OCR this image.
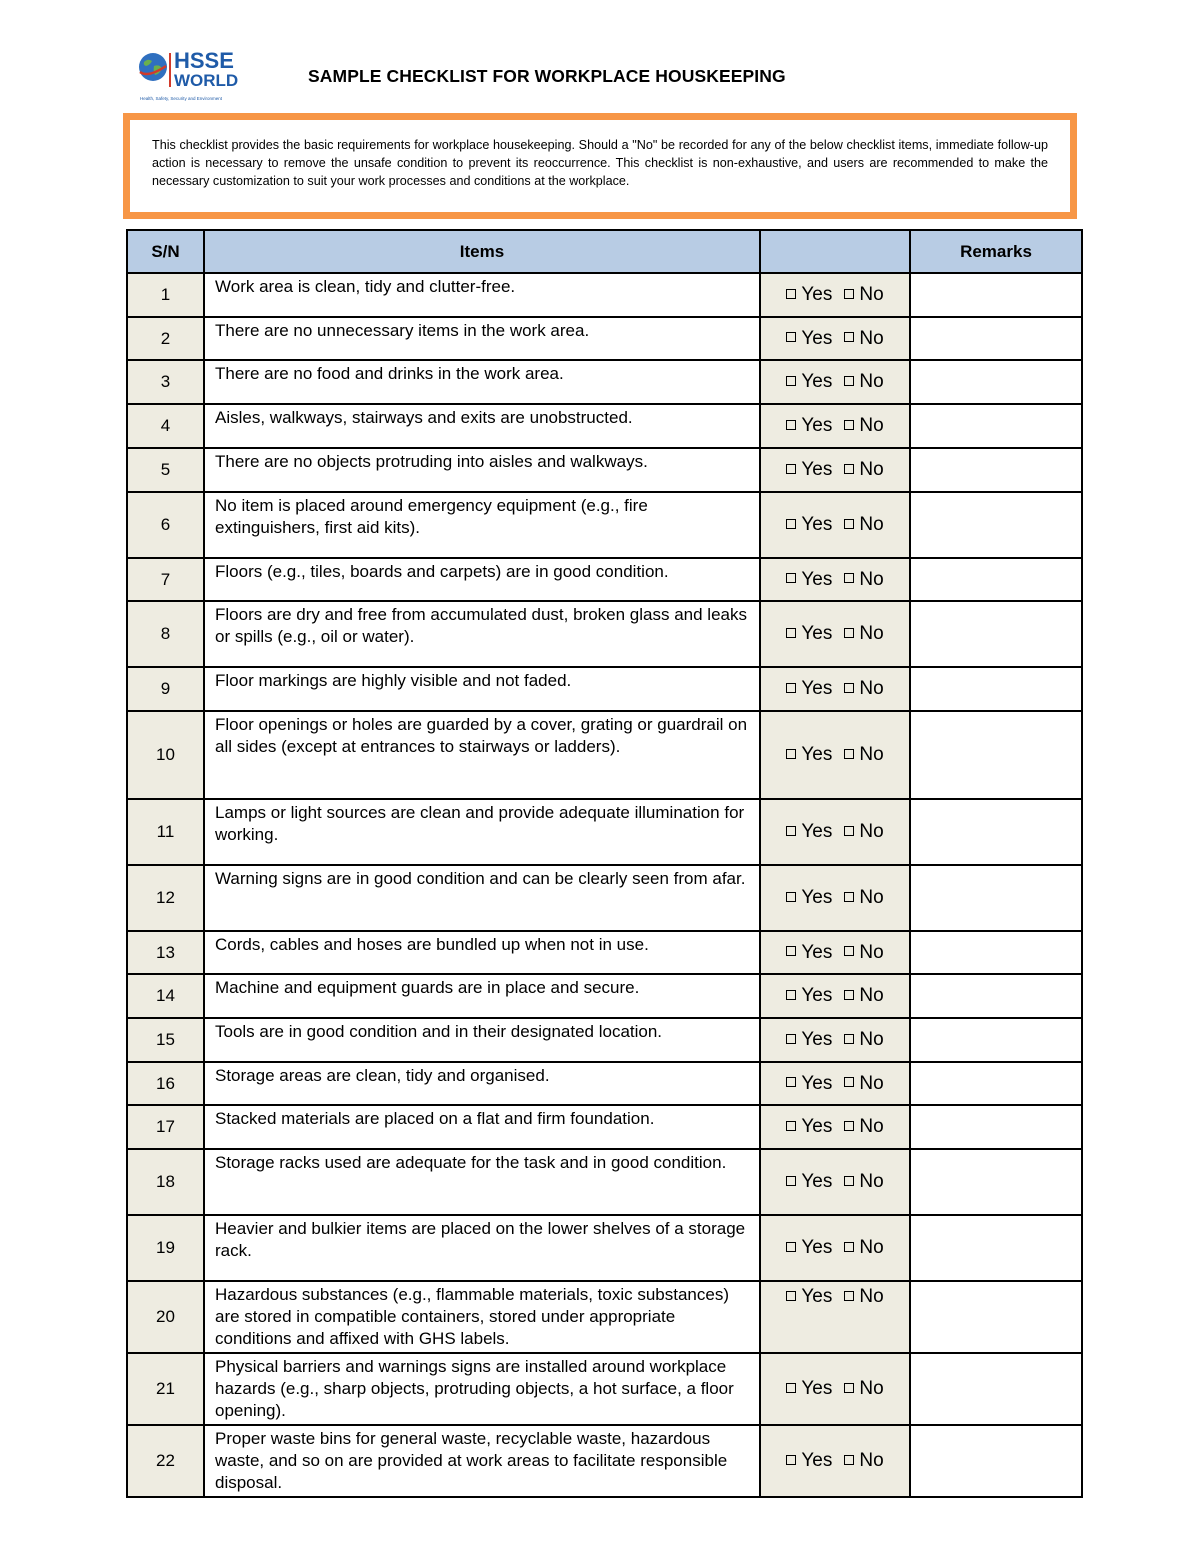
HSSE
WORLD
Health, Safety, Security and Environment
SAMPLE CHECKLIST FOR WORKPLACE HOUSKEEPING
This checklist provides the basic requirements for workplace housekeeping. Should a "No" be recorded for any of the below checklist items, immediate follow-up action is necessary to remove the unsafe condition to prevent its reoccurrence. This checklist is non-exhaustive, and users are recommended to make the necessary customization to suit your work processes and conditions at the workplace.
S/N	Items		Remarks
1	Work area is clean, tidy and clutter-free.	Yes No	
2	There are no unnecessary items in the work area.	Yes No	
3	There are no food and drinks in the work area.	Yes No	
4	Aisles, walkways, stairways and exits are unobstructed.	Yes No	
5	There are no objects protruding into aisles and walkways.	Yes No	
6	No item is placed around emergency equipment (e.g., fire extinguishers, first aid kits).	Yes No	
7	Floors (e.g., tiles, boards and carpets) are in good condition.	Yes No	
8	Floors are dry and free from accumulated dust, broken glass and leaks or spills (e.g., oil or water).	Yes No	
9	Floor markings are highly visible and not faded.	Yes No	
10	Floor openings or holes are guarded by a cover, grating or guardrail on all sides (except at entrances to stairways or ladders).	Yes No	
11	Lamps or light sources are clean and provide adequate illumination for working.	Yes No	
12	Warning signs are in good condition and can be clearly seen from afar.	Yes No	
13	Cords, cables and hoses are bundled up when not in use.	Yes No	
14	Machine and equipment guards are in place and secure.	Yes No	
15	Tools are in good condition and in their designated location.	Yes No	
16	Storage areas are clean, tidy and organised.	Yes No	
17	Stacked materials are placed on a flat and firm foundation.	Yes No	
18	Storage racks used are adequate for the task and in good condition.	Yes No	
19	Heavier and bulkier items are placed on the lower shelves of a storage rack.	Yes No	
20	Hazardous substances (e.g., flammable materials, toxic substances) are stored in compatible containers, stored under appropriate conditions and affixed with GHS labels.	Yes No	
21	Physical barriers and warnings signs are installed around workplace hazards (e.g., sharp objects, protruding objects, a hot surface, a floor opening).	Yes No	
22	Proper waste bins for general waste, recyclable waste, hazardous waste, and so on are provided at work areas to facilitate responsible disposal.	Yes No	
